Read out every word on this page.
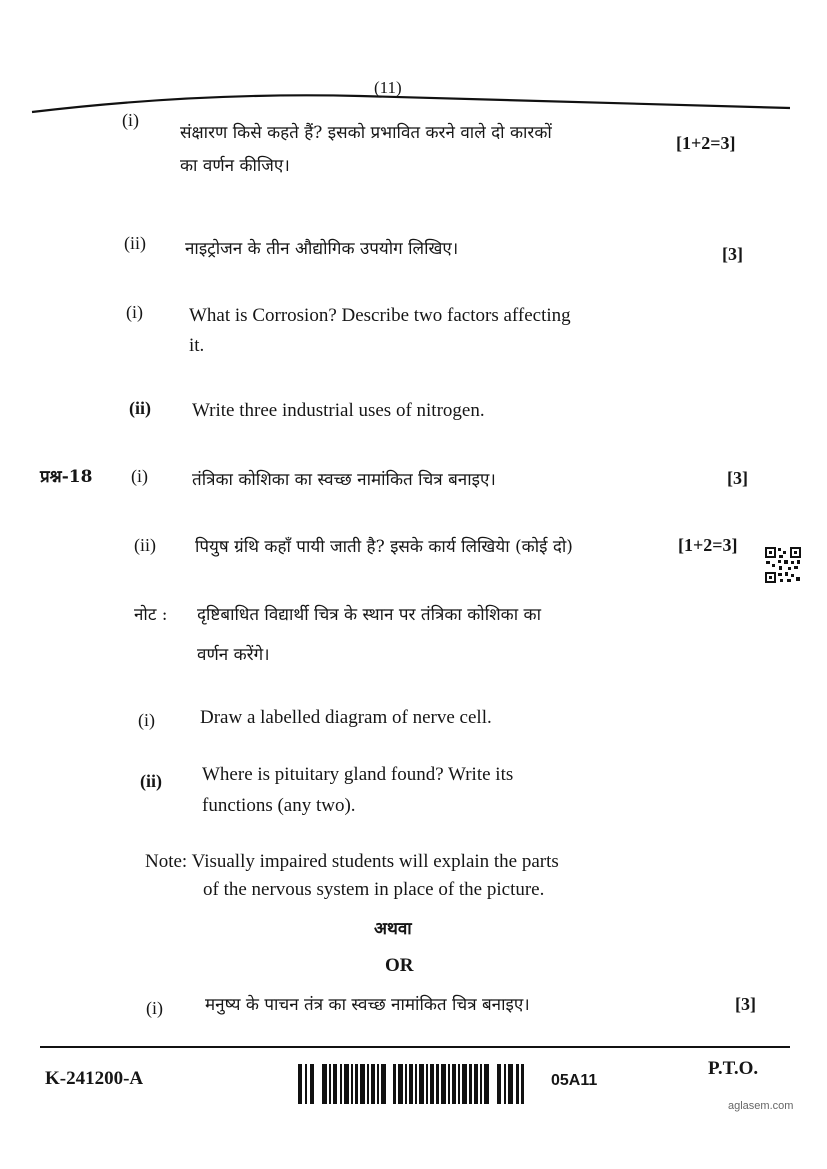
(11)
(i)
संक्षारण किसे कहते हैं? इसको प्रभावित करने वाले दो कारकों
का वर्णन कीजिए।
[1+2=3]
(ii) नाइट्रोजन के तीन औद्योगिक उपयोग लिखिए।	[3]
(i) What is Corrosion? Describe two factors affecting
it.
(ii) Write three industrial uses of nitrogen.
प्रश्न-18 (i)	तंत्रिका कोशिका का स्वच्छ नामांकित चित्र बनाइए।	[3]
(ii) पियुष ग्रंथि कहाँ पायी जाती है? इसके कार्य लिखियेा (कोई दो)	[1+2=3]
नोट : दृष्टिबाधित विद्यार्थी चित्र के स्थान पर तंत्रिका कोशिका का
वर्णन करेंगे।
(i) Draw a labelled diagram of nerve cell.
(ii) Where is pituitary gland found? Write its
functions (any two).
Note: Visually impaired students will explain the parts
of the nervous system in place of the picture.
अथवा
OR
(i) मनुष्य के पाचन तंत्र का स्वच्छ नामांकित चित्र बनाइए।	[3]
K-241200-A	05A11
P.T.O.
aglasem.com
